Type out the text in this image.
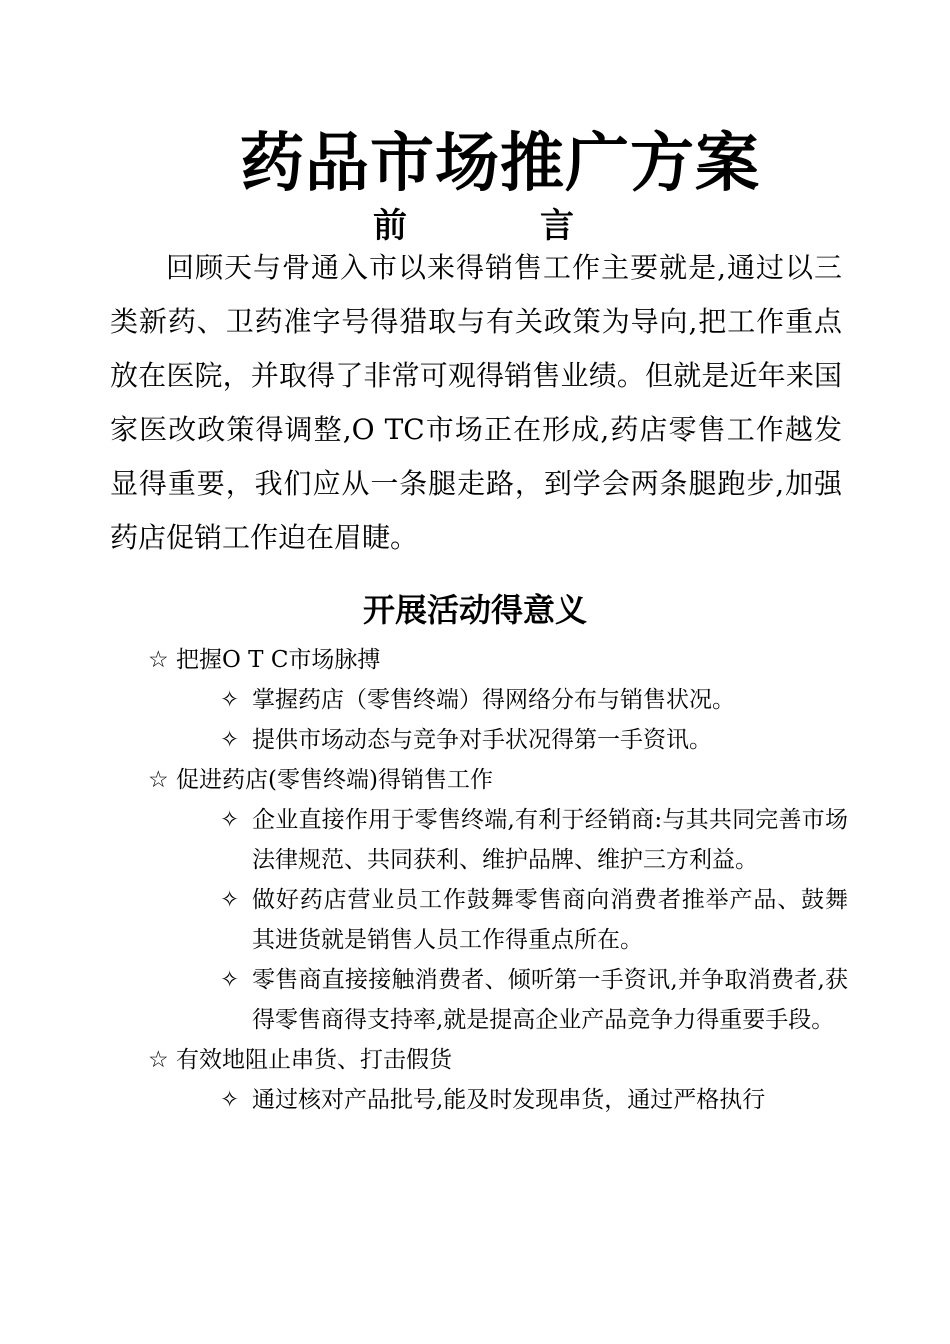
药品市场推广方案
前	言

回顾天与骨通入市以来得销售工作主要就是,通过以三类新药、卫药准字号得猎取与有关政策为导向,把工作重点放在医院，并取得了非常可观得销售业绩。但就是近年来国家医改政策得调整,O TC市场正在形成,药店零售工作越发显得重要，我们应从一条腿走路，到学会两条腿跑步,加强药店促销工作迫在眉睫。

开展活动得意义
☆ 把握O T C市场脉搏
✧ 掌握药店（零售终端）得网络分布与销售状况。
✧ 提供市场动态与竞争对手状况得第一手资讯。
☆ 促进药店(零售终端)得销售工作
✧ 企业直接作用于零售终端,有利于经销商:与其共同完善市场法律规范、共同获利、维护品牌、维护三方利益。
✧ 做好药店营业员工作鼓舞零售商向消费者推举产品、鼓舞其进货就是销售人员工作得重点所在。
✧ 零售商直接接触消费者、倾听第一手资讯,并争取消费者,获得零售商得支持率,就是提高企业产品竞争力得重要手段。
☆ 有效地阻止串货、打击假货
✧ 通过核对产品批号,能及时发现串货，通过严格执行
